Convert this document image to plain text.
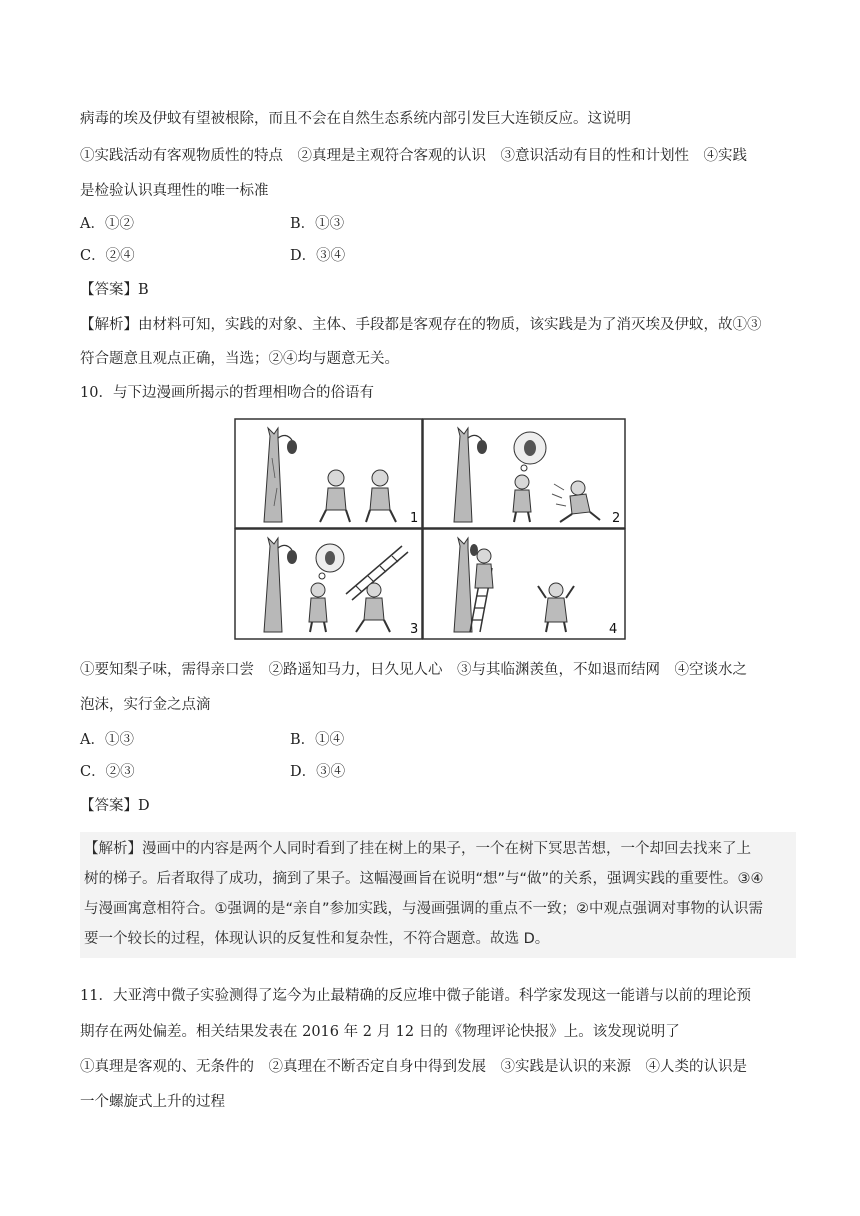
病毒的埃及伊蚊有望被根除，而且不会在自然生态系统内部引发巨大连锁反应。这说明
①实践活动有客观物质性的特点　②真理是主观符合客观的认识　③意识活动有目的性和计划性　④实践
是检验认识真理性的唯一标准
A．①②	B．①③
C．②④	D．③④
【答案】B
【解析】由材料可知，实践的对象、主体、手段都是客观存在的物质，该实践是为了消灭埃及伊蚊，故①③
符合题意且观点正确，当选；②④均与题意无关。
10．与下边漫画所揭示的哲理相吻合的俗语有
1	2
3	4
①要知梨子味，需得亲口尝　②路遥知马力，日久见人心　③与其临渊羡鱼，不如退而结网　④空谈水之
泡沫，实行金之点滴
A．①③	B．①④
C．②③	D．③④
【答案】D
【解析】漫画中的内容是两个人同时看到了挂在树上的果子，一个在树下冥思苦想，一个却回去找来了上
树的梯子。后者取得了成功，摘到了果子。这幅漫画旨在说明“想”与“做”的关系，强调实践的重要性。③④
与漫画寓意相符合。①强调的是“亲自”参加实践，与漫画强调的重点不一致；②中观点强调对事物的认识需
要一个较长的过程，体现认识的反复性和复杂性，不符合题意。故选 D。
11．大亚湾中微子实验测得了迄今为止最精确的反应堆中微子能谱。科学家发现这一能谱与以前的理论预
期存在两处偏差。相关结果发表在 2016 年 2 月 12 日的《物理评论快报》上。该发现说明了
①真理是客观的、无条件的　②真理在不断否定自身中得到发展　③实践是认识的来源　④人类的认识是
一个螺旋式上升的过程
